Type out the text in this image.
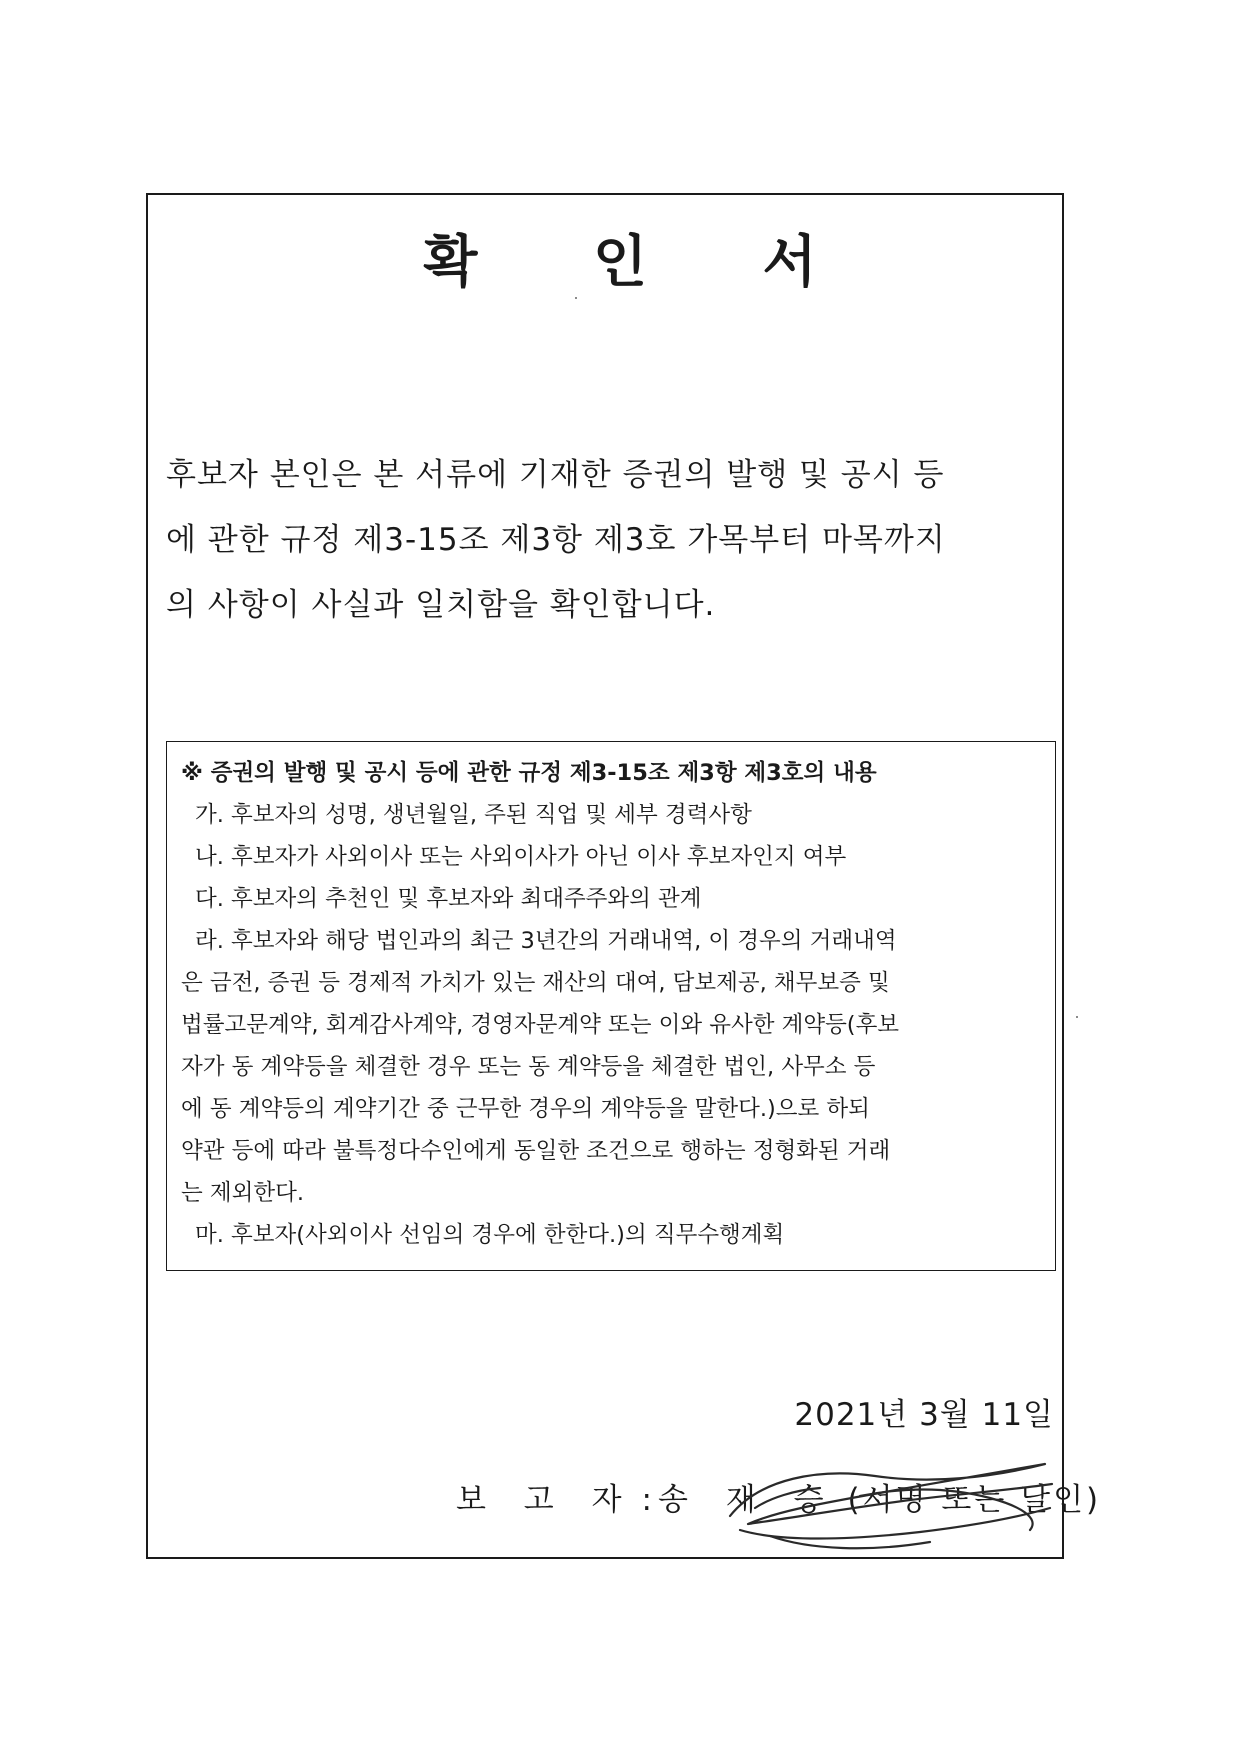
확 인 서
후보자 본인은 본 서류에 기재한 증권의 발행 및 공시 등
에 관한 규정 제3-15조 제3항 제3호 가목부터 마목까지
의 사항이 사실과 일치함을 확인합니다.
※ 증권의 발행 및 공시 등에 관한 규정 제3-15조 제3항 제3호의 내용
가. 후보자의 성명, 생년월일, 주된 직업 및 세부 경력사항
나. 후보자가 사외이사 또는 사외이사가 아닌 이사 후보자인지 여부
다. 후보자의 추천인 및 후보자와 최대주주와의 관계
라. 후보자와 해당 법인과의 최근 3년간의 거래내역, 이 경우의 거래내역
은 금전, 증권 등 경제적 가치가 있는 재산의 대여, 담보제공, 채무보증 및
법률고문계약, 회계감사계약, 경영자문계약 또는 이와 유사한 계약등(후보
자가 동 계약등을 체결한 경우 또는 동 계약등을 체결한 법인, 사무소 등
에 동 계약등의 계약기간 중 근무한 경우의 계약등을 말한다.)으로 하되
약관 등에 따라 불특정다수인에게 동일한 조건으로 행하는 정형화된 거래
는 제외한다.
마. 후보자(사외이사 선임의 경우에 한한다.)의 직무수행계획
2021년 3월 11일
보 고 자 : 송 재 승 (서명 또는 날인)
